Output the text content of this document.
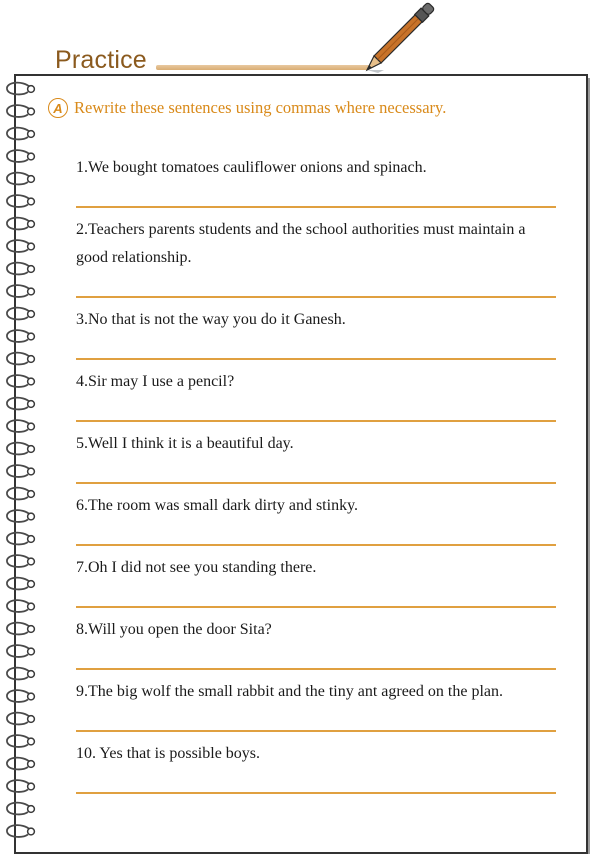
Practice
A Rewrite these sentences using commas where necessary.
1.We bought tomatoes cauliflower onions and spinach.
2.Teachers parents students and the school authorities must maintain a good relationship.
3.No that is not the way you do it Ganesh.
4.Sir may I use a pencil?
5.Well I think it is a beautiful day.
6.The room was small dark dirty and stinky.
7.Oh I did not see you standing there.
8.Will you open the door Sita?
9.The big wolf the small rabbit and the tiny ant agreed on the plan.
10. Yes that is possible boys.
